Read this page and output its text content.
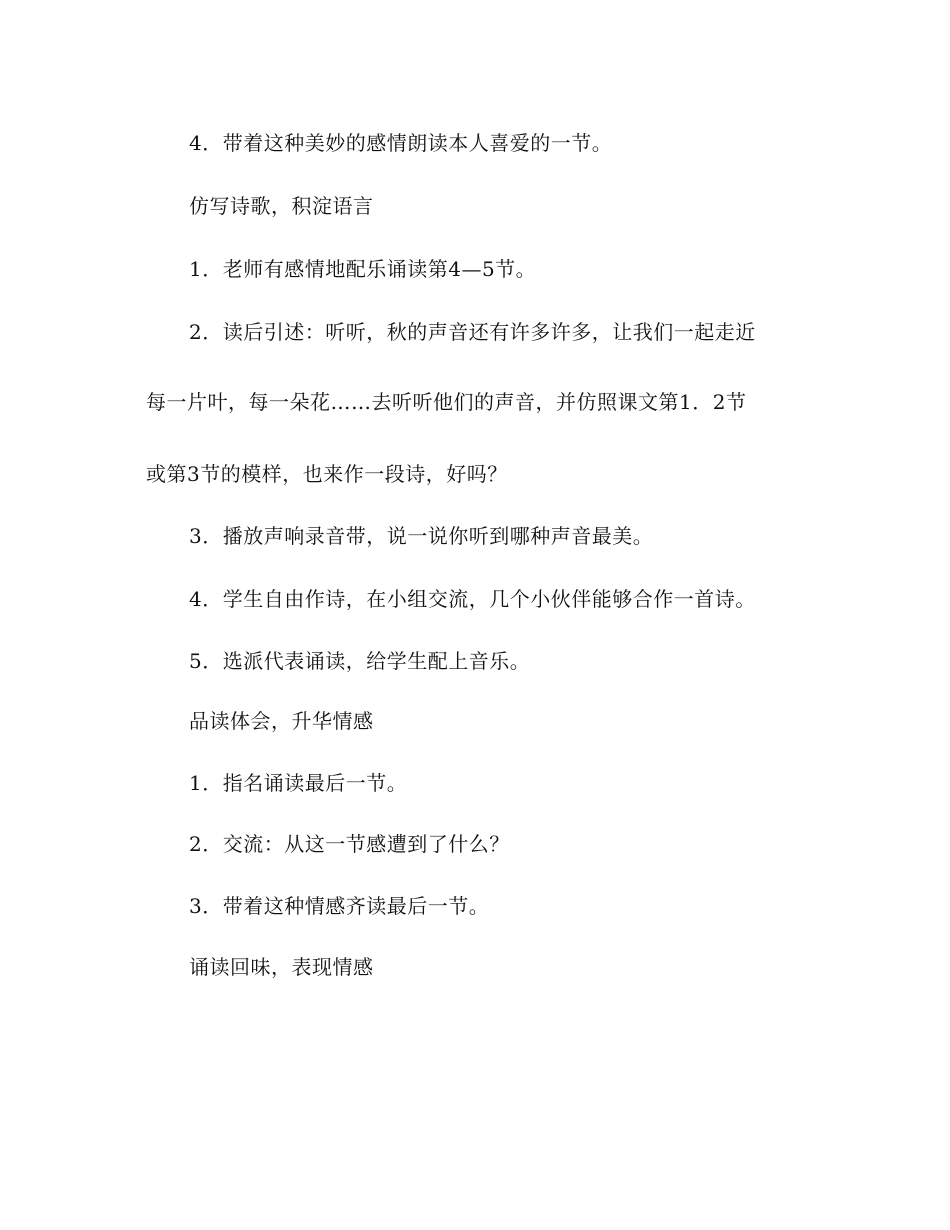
4．带着这种美妙的感情朗读本人喜爱的一节。
仿写诗歌，积淀语言
1．老师有感情地配乐诵读第4—5节。
2．读后引述：听听，秋的声音还有许多许多，让我们一起走近
每一片叶，每一朵花……去听听他们的声音，并仿照课文第1．2节
或第3节的模样，也来作一段诗，好吗？
3．播放声响录音带，说一说你听到哪种声音最美。
4．学生自由作诗，在小组交流，几个小伙伴能够合作一首诗。
5．选派代表诵读，给学生配上音乐。
品读体会，升华情感
1．指名诵读最后一节。
2．交流：从这一节感遭到了什么？
3．带着这种情感齐读最后一节。
诵读回味，表现情感
